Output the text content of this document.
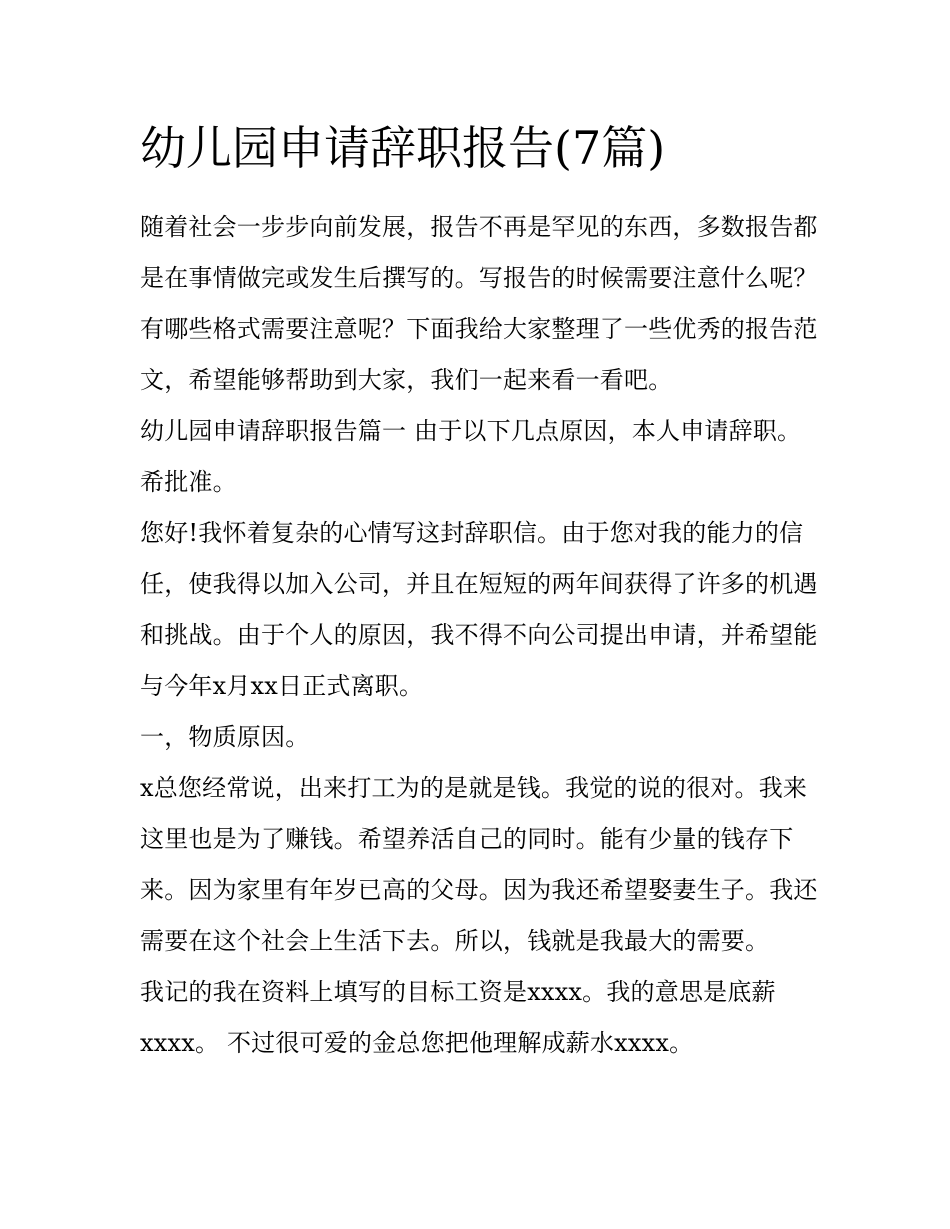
幼儿园申请辞职报告(7篇)

随着社会一步步向前发展，报告不再是罕见的东西，多数报告都是在事情做完或发生后撰写的。写报告的时候需要注意什么呢？有哪些格式需要注意呢？下面我给大家整理了一些优秀的报告范文，希望能够帮助到大家，我们一起来看一看吧。

幼儿园申请辞职报告篇一 由于以下几点原因，本人申请辞职。 希批准。

您好!我怀着复杂的心情写这封辞职信。由于您对我的能力的信任，使我得以加入公司，并且在短短的两年间获得了许多的机遇和挑战。由于个人的原因，我不得不向公司提出申请，并希望能与今年x月xx日正式离职。

一，物质原因。

x总您经常说，出来打工为的是就是钱。我觉的说的很对。我来这里也是为了赚钱。希望养活自己的同时。能有少量的钱存下来。因为家里有年岁已高的父母。因为我还希望娶妻生子。我还需要在这个社会上生活下去。所以，钱就是我最大的需要。

我记的我在资料上填写的目标工资是xxxx。我的意思是底薪xxxx。 不过很可爱的金总您把他理解成薪水xxxx。
